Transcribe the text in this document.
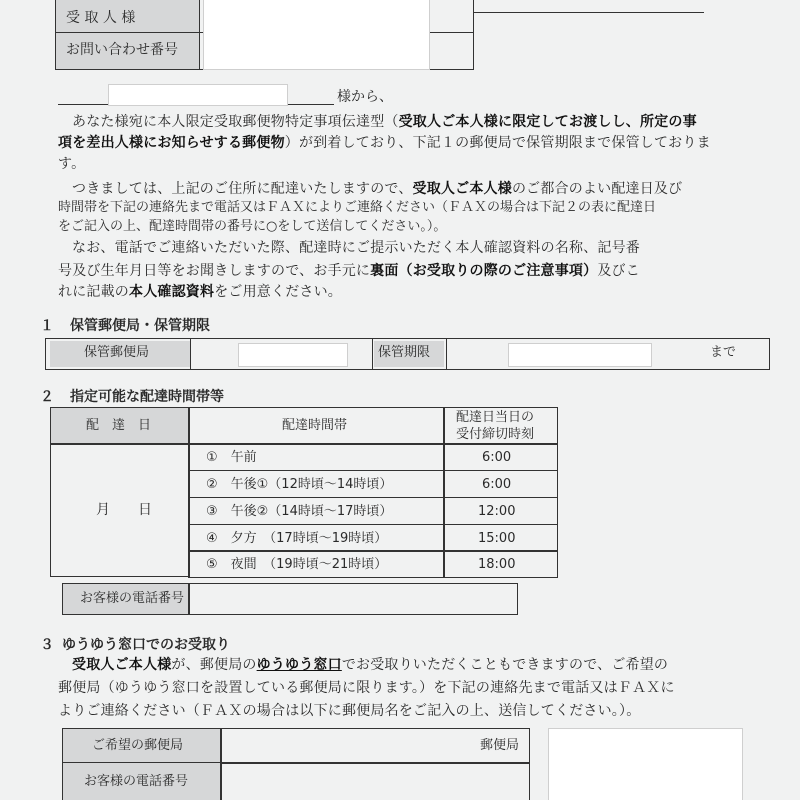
受 取 人 様
お問い合わせ番号
様から、
あなた様宛に本人限定受取郵便物特定事項伝達型（受取人ご本人様に限定してお渡しし、所定の事
項を差出人様にお知らせする郵便物）が到着しており、下記１の郵便局で保管期限まで保管しておりま
す。
つきましては、上記のご住所に配達いたしますので、受取人ご本人様のご都合のよい配達日及び
時間帯を下記の連絡先まで電話又はＦＡＸによりご連絡ください（ＦＡＸの場合は下記２の表に配達日
をご記入の上、配達時間帯の番号に○をして送信してください。）。
なお、電話でご連絡いただいた際、配達時にご提示いただく本人確認資料の名称、記号番
号及び生年月日等をお聞きしますので、お手元に裏面（お受取りの際のご注意事項）及びこ
れに記載の本人確認資料をご用意ください。
１ 保管郵便局・保管期限
保管郵便局	保管期限	まで
２ 指定可能な配達時間帯等
配　達　日	配達時間帯
配達日当日の
受付締切時刻
月　　日
①　午前	6:00
②　午後①（12時頃～14時頃）	6:00
③　午後②（14時頃～17時頃）	12:00
④　夕方　（17時頃～19時頃）	15:00
⑤　夜間　（19時頃～21時頃）	18:00
お客様の電話番号
３ ゆうゆう窓口でのお受取り
受取人ご本人様が、郵便局のゆうゆう窓口でお受取りいただくこともできますので、ご希望の
郵便局（ゆうゆう窓口を設置している郵便局に限ります。）を下記の連絡先まで電話又はＦＡＸに
よりご連絡ください（ＦＡＸの場合は以下に郵便局名をご記入の上、送信してください。）。
ご希望の郵便局	郵便局
お客様の電話番号
